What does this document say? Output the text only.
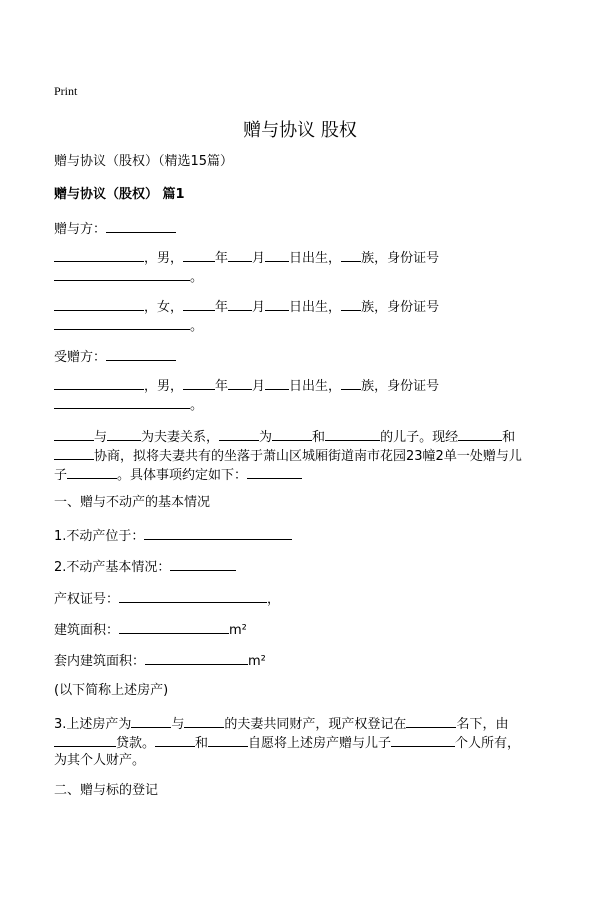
Print
赠与协议 股权
赠与协议（股权）（精选15篇）
赠与协议（股权） 篇1
赠与方：
，男， 年 月 日出生， 族，身份证号
。
，女， 年 月 日出生， 族，身份证号
。
受赠方：
，男， 年 月 日出生， 族，身份证号
。
与	为夫妻关系，	为	和	的儿子。现经	和
协商，拟将夫妻共有的坐落于萧山区城厢街道南市花园23幢2单一处赠与儿
子	。具体事项约定如下：
一、赠与不动产的基本情况
1.不动产位于：
2.不动产基本情况：
产权证号：	，
建筑面积：	m²
套内建筑面积：	m²
(以下简称上述房产)
3.上述房产为	与	的夫妻共同财产，现产权登记在	名下，由
贷款。	和	自愿将上述房产赠与儿子	个人所有，
为其个人财产。
二、赠与标的登记
